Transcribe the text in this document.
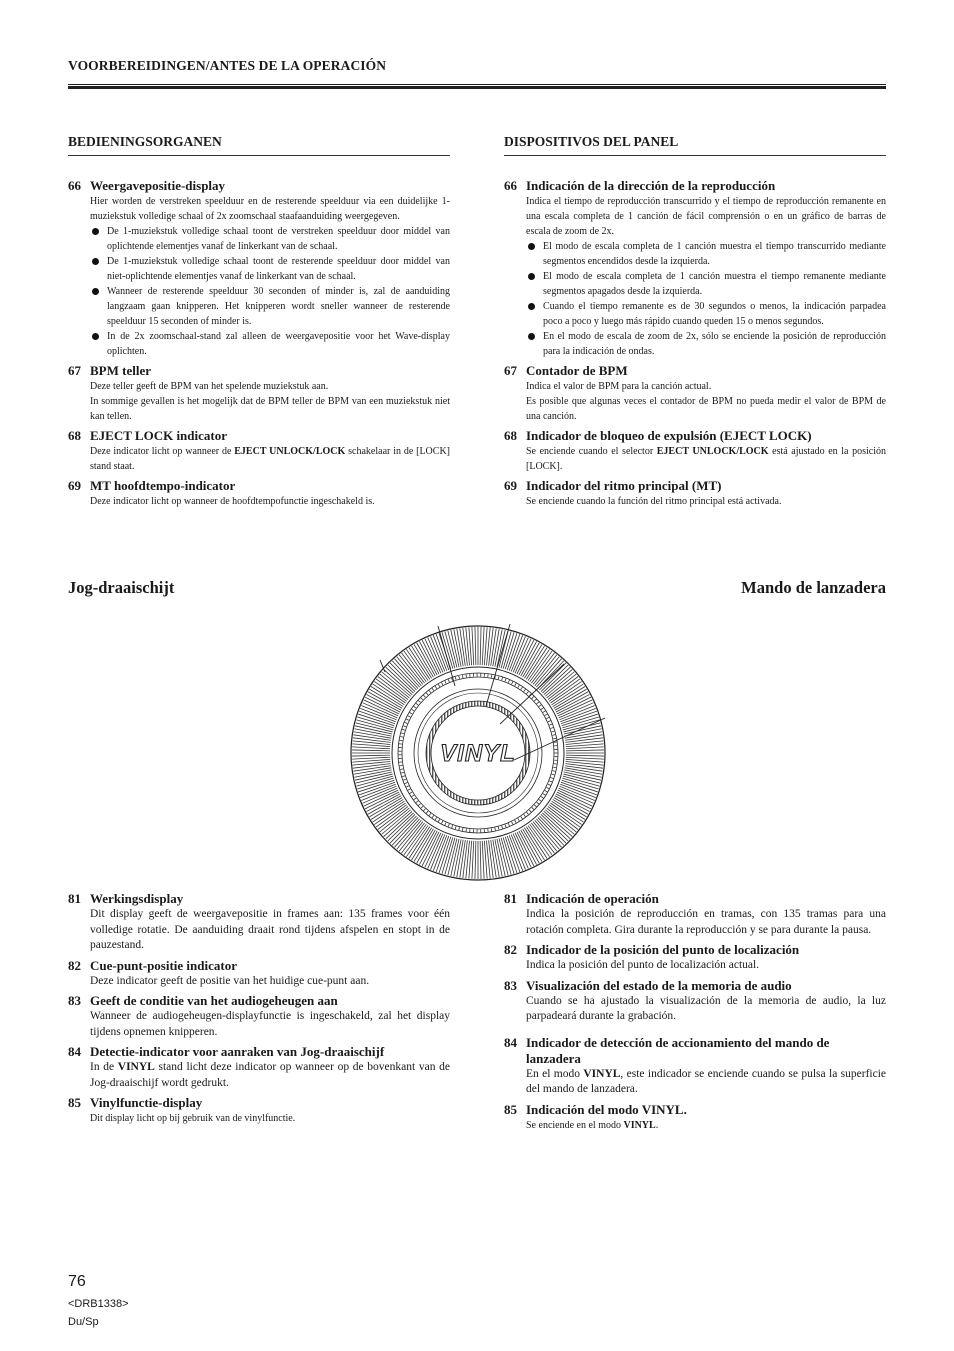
VOORBEREIDINGEN/ANTES DE LA OPERACIÓN
BEDIENINGSORGANEN
66 Weergavepositie-display
Hier worden de verstreken speelduur en de resterende speelduur via een duidelijke 1-muziekstuk volledige schaal of 2x zoomschaal staafaanduiding weergegeven.
De 1-muziekstuk volledige schaal toont de verstreken speelduur door middel van oplichtende elementjes vanaf de linkerkant van de schaal.
De 1-muziekstuk volledige schaal toont de resterende speelduur door middel van niet-oplichtende elementjes vanaf de linkerkant van de schaal.
Wanneer de resterende speelduur 30 seconden of minder is, zal de aanduiding langzaam gaan knipperen. Het knipperen wordt sneller wanneer de resterende speelduur 15 seconden of minder is.
In de 2x zoomschaal-stand zal alleen de weergavepositie voor het Wave-display oplichten.
67 BPM teller
Deze teller geeft de BPM van het spelende muziekstuk aan.
In sommige gevallen is het mogelijk dat de BPM teller de BPM van een muziekstuk niet kan tellen.
68 EJECT LOCK indicator
Deze indicator licht op wanneer de EJECT UNLOCK/LOCK schakelaar in de [LOCK] stand staat.
69 MT hoofdtempo-indicator
Deze indicator licht op wanneer de hoofdtempofunctie ingeschakeld is.
DISPOSITIVOS DEL PANEL
66 Indicación de la dirección de la reproducción
Indica el tiempo de reproducción transcurrido y el tiempo de reproducción remanente en una escala completa de 1 canción de fácil comprensión o en un gráfico de barras de escala de zoom de 2x.
El modo de escala completa de 1 canción muestra el tiempo transcurrido mediante segmentos encendidos desde la izquierda.
El modo de escala completa de 1 canción muestra el tiempo remanente mediante segmentos apagados desde la izquierda.
Cuando el tiempo remanente es de 30 segundos o menos, la indicación parpadea poco a poco y luego más rápido cuando queden 15 o menos segundos.
En el modo de escala de zoom de 2x, sólo se enciende la posición de reproducción para la indicación de ondas.
67 Contador de BPM
Indica el valor de BPM para la canción actual.
Es posible que algunas veces el contador de BPM no pueda medir el valor de BPM de una canción.
68 Indicador de bloqueo de expulsión (EJECT LOCK)
Se enciende cuando el selector EJECT UNLOCK/LOCK está ajustado en la posición [LOCK].
69 Indicador del ritmo principal (MT)
Se enciende cuando la función del ritmo principal está activada.
Jog-draaischijt	Mando de lanzadera
VINYL
81 Werkingsdisplay
Dit display geeft de weergavepositie in frames aan: 135 frames voor één volledige rotatie. De aanduiding draait rond tijdens afspelen en stopt in de pauzestand.
82 Cue-punt-positie indicator
Deze indicator geeft de positie van het huidige cue-punt aan.
83 Geeft de conditie van het audiogeheugen aan
Wanneer de audiogeheugen-displayfunctie is ingeschakeld, zal het display tijdens opnemen knipperen.
84 Detectie-indicator voor aanraken van Jog-draaischijf
In de VINYL stand licht deze indicator op wanneer op de bovenkant van de Jog-draaischijf wordt gedrukt.
85 Vinylfunctie-display
Dit display licht op bij gebruik van de vinylfunctie.
81 Indicación de operación
Indica la posición de reproducción en tramas, con 135 tramas para una rotación completa. Gira durante la reproducción y se para durante la pausa.
82 Indicador de la posición del punto de localización
Indica la posición del punto de localización actual.
83 Visualización del estado de la memoria de audio
Cuando se ha ajustado la visualización de la memoria de audio, la luz parpadeará durante la grabación.
84 Indicador de detección de accionamiento del mando de lanzadera
En el modo VINYL, este indicador se enciende cuando se pulsa la superficie del mando de lanzadera.
85 Indicación del modo VINYL.
Se enciende en el modo VINYL.
76
<DRB1338>
Du/Sp
